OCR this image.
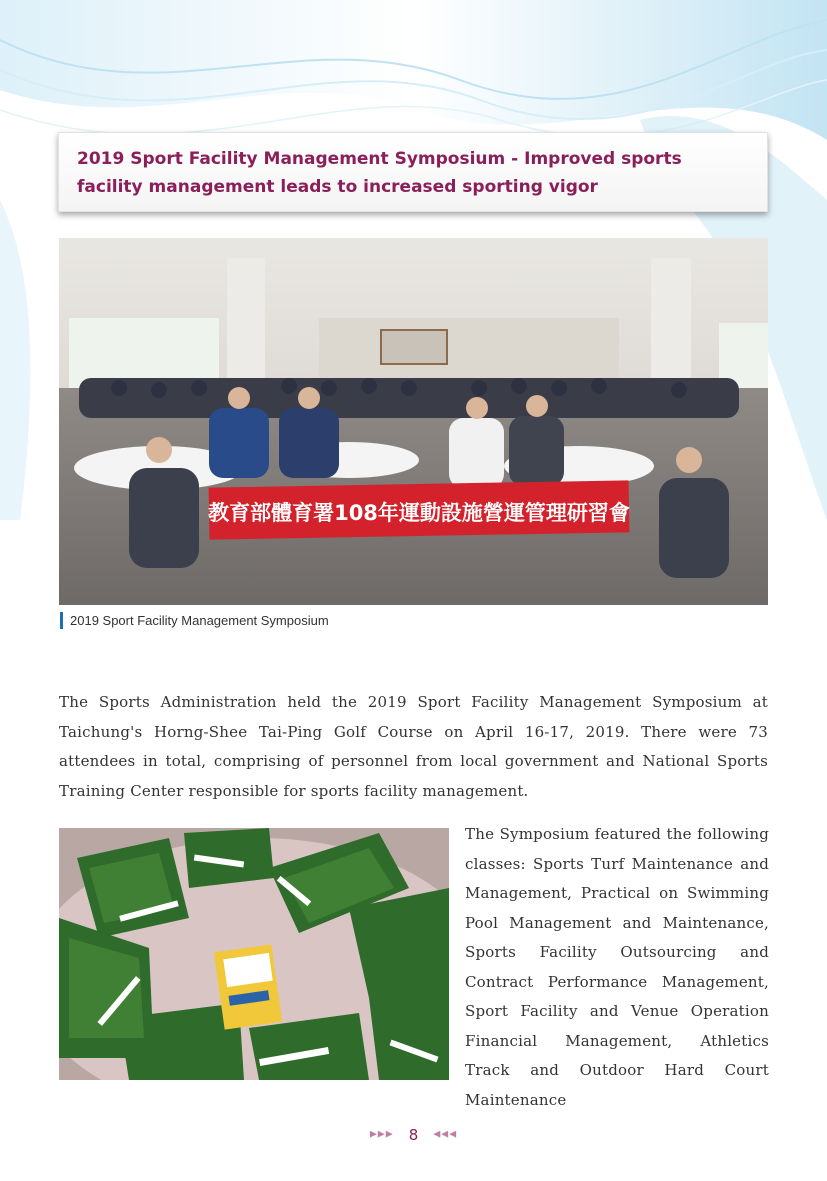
2019 Sport Facility Management Symposium - Improved sports facility management leads to increased sporting vigor

教育部體育署108年運動設施營運管理研習會
2019 Sport Facility Management Symposium

The Sports Administration held the 2019 Sport Facility Management Symposium at Taichung's Horng-Shee Tai-Ping Golf Course on April 16-17, 2019. There were 73 attendees in total, comprising of personnel from local government and National Sports Training Center responsible for sports facility management.

The Symposium featured the following classes: Sports Turf Maintenance and Management, Practical on Swimming Pool Management and Maintenance, Sports Facility Outsourcing and Contract Performance Management, Sport Facility and Venue Operation Financial Management, Athletics Track and Outdoor Hard Court Maintenance

▶▶▶ 8 ◀◀◀
